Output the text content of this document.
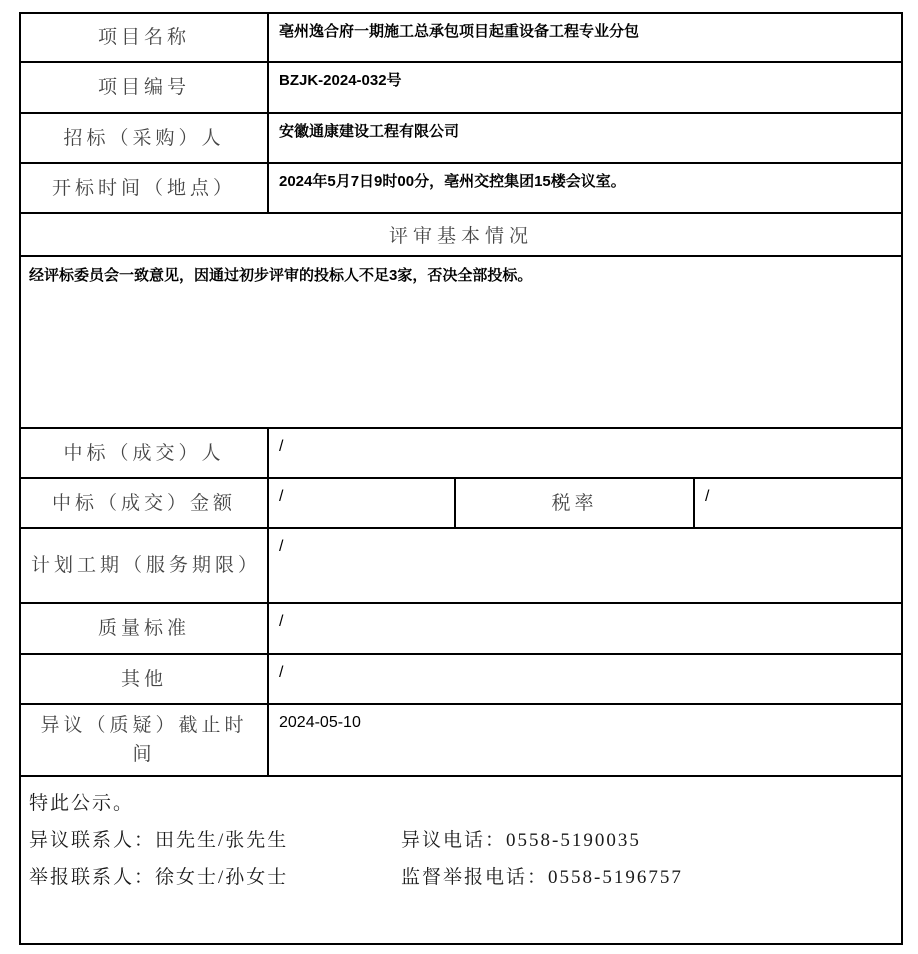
项目名称	亳州逸合府一期施工总承包项目起重设备工程专业分包		
项目编号	BZJK-2024-032号		
招标（采购）人	安徽通康建设工程有限公司		
开标时间（地点）	2024年5月7日9时00分，亳州交控集团15楼会议室。		
评审基本情况			
经评标委员会一致意见，因通过初步评审的投标人不足3家，否决全部投标。			
中标（成交）人	/		
中标（成交）金额	/	税率	/
计划工期（服务期限）	/		
质量标准	/		
其他	/		
异议（质疑）截止时间	2024-05-10		

特此公示。
异议联系人：田先生/张先生 异议电话：0558-5190035
举报联系人：徐女士/孙女士 监督举报电话：0558-5196757			
